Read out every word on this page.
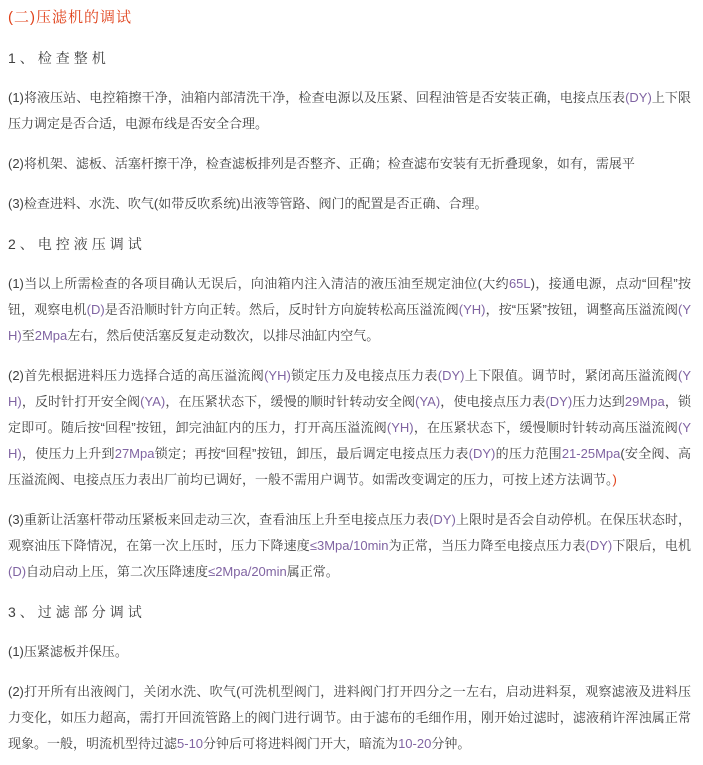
(二)压滤机的调试

1、检查整机

(1)将液压站、电控箱擦干净，油箱内部清洗干净，检查电源以及压紧、回程油管是否安装正确，电接点压表(DY)上下限压力调定是否合适，电源布线是否安全合理。

(2)将机架、滤板、活塞杆擦干净，检查滤板排列是否整齐、正确；检查滤布安装有无折叠现象，如有，需展平

(3)检查进料、水洗、吹气(如带反吹系统)出液等管路、阀门的配置是否正确、合理。

2、电控液压调试

(1)当以上所需检查的各项目确认无误后，向油箱内注入清洁的液压油至规定油位(大约65L)，接通电源，点动“回程”按钮，观察电机(D)是否沿顺时针方向正转。然后，反时针方向旋转松高压溢流阀(YH)，按“压紧”按钮，调整高压溢流阀(YH)至2Mpa左右，然后使活塞反复走动数次，以排尽油缸内空气。

(2)首先根据进料压力选择合适的高压溢流阀(YH)锁定压力及电接点压力表(DY)上下限值。调节时，紧闭高压溢流阀(YH)，反时针打开安全阀(YA)，在压紧状态下，缓慢的顺时针转动安全阀(YA)，使电接点压力表(DY)压力达到29Mpa，锁定即可。随后按“回程”按钮，卸完油缸内的压力，打开高压溢流阀(YH)，在压紧状态下，缓慢顺时针转动高压溢流阀(YH)，使压力上升到27Mpa锁定；再按“回程”按钮，卸压，最后调定电接点压力表(DY)的压力范围21-25Mpa(安全阀、高压溢流阀、电接点压力表出厂前均已调好，一般不需用户调节。如需改变调定的压力，可按上述方法调节。)

(3)重新让活塞杆带动压紧板来回走动三次，查看油压上升至电接点压力表(DY)上限时是否会自动停机。在保压状态时，观察油压下降情况，在第一次上压时，压力下降速度≤3Mpa/10min为正常，当压力降至电接点压力表(DY)下限后，电机(D)自动启动上压，第二次压降速度≤2Mpa/20min属正常。

3、过滤部分调试

(1)压紧滤板并保压。

(2)打开所有出液阀门，关闭水洗、吹气(可洗机型阀门，进料阀门打开四分之一左右，启动进料泵，观察滤液及进料压力变化，如压力超高，需打开回流管路上的阀门进行调节。由于滤布的毛细作用，刚开始过滤时，滤液稍许浑浊属正常现象。一般，明流机型待过滤5-10分钟后可将进料阀门开大，暗流为10-20分钟。
